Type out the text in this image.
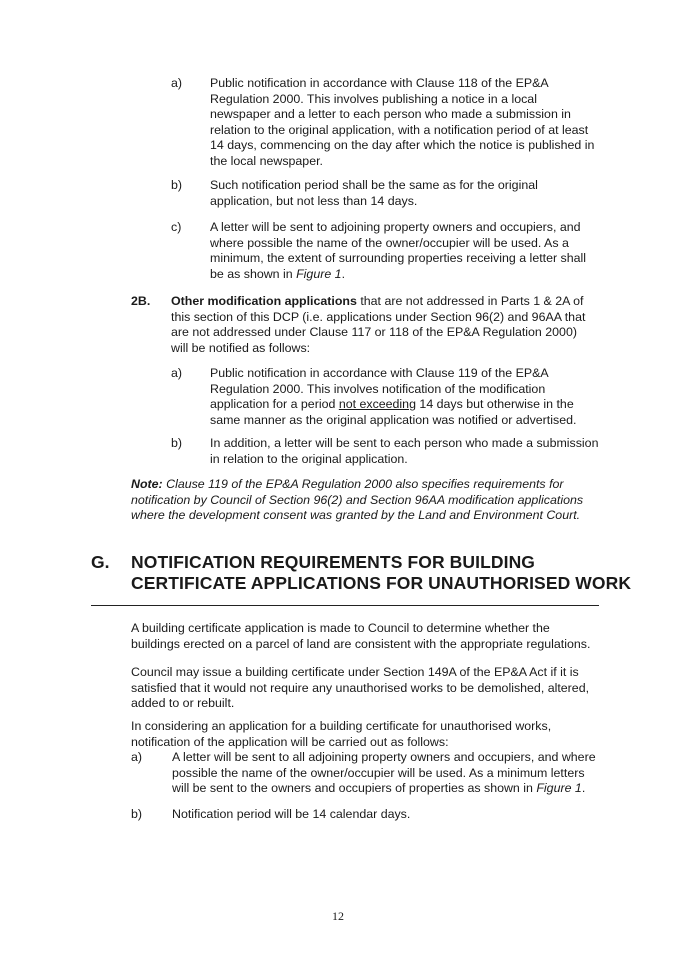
a) Public notification in accordance with Clause 118 of the EP&A
Regulation 2000. This involves publishing a notice in a local
newspaper and a letter to each person who made a submission in
relation to the original application, with a notification period of at least
14 days, commencing on the day after which the notice is published in
the local newspaper.
b) Such notification period shall be the same as for the original
application, but not less than 14 days.
c) A letter will be sent to adjoining property owners and occupiers, and
where possible the name of the owner/occupier will be used. As a
minimum, the extent of surrounding properties receiving a letter shall
be as shown in Figure 1.
2B. Other modification applications that are not addressed in Parts 1 & 2A of
this section of this DCP (i.e. applications under Section 96(2) and 96AA that
are not addressed under Clause 117 or 118 of the EP&A Regulation 2000)
will be notified as follows:
a) Public notification in accordance with Clause 119 of the EP&A
Regulation 2000. This involves notification of the modification
application for a period not exceeding 14 days but otherwise in the
same manner as the original application was notified or advertised.
b) In addition, a letter will be sent to each person who made a submission
in relation to the original application.
Note: Clause 119 of the EP&A Regulation 2000 also specifies requirements for
notification by Council of Section 96(2) and Section 96AA modification applications
where the development consent was granted by the Land and Environment Court.
G. NOTIFICATION REQUIREMENTS FOR BUILDING
CERTIFICATE APPLICATIONS FOR UNAUTHORISED WORK
A building certificate application is made to Council to determine whether the
buildings erected on a parcel of land are consistent with the appropriate regulations.
Council may issue a building certificate under Section 149A of the EP&A Act if it is
satisfied that it would not require any unauthorised works to be demolished, altered,
added to or rebuilt.
In considering an application for a building certificate for unauthorised works,
notification of the application will be carried out as follows:
a) A letter will be sent to all adjoining property owners and occupiers, and where
possible the name of the owner/occupier will be used. As a minimum letters
will be sent to the owners and occupiers of properties as shown in Figure 1.
b) Notification period will be 14 calendar days.
12
